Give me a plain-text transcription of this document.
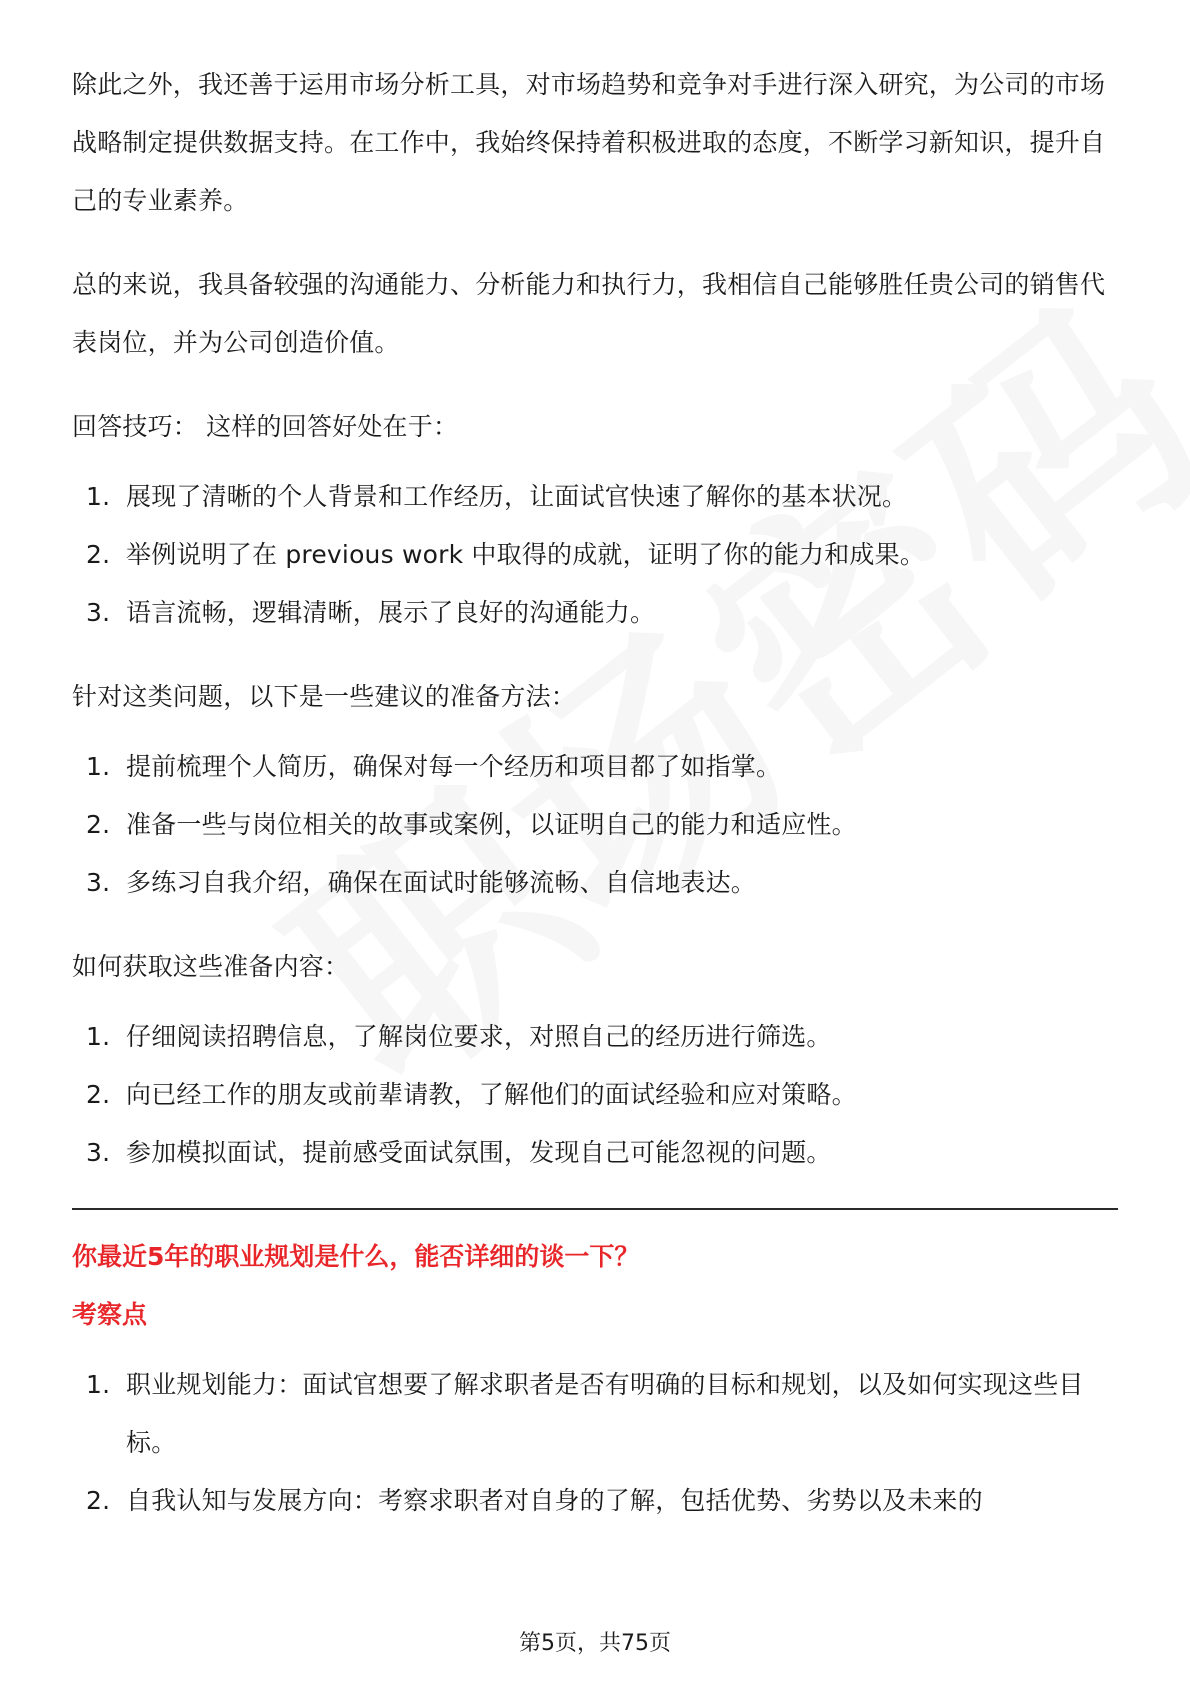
除此之外，我还善于运用市场分析工具，对市场趋势和竞争对手进行深入研究，为公司的市场战略制定提供数据支持。在工作中，我始终保持着积极进取的态度，不断学习新知识，提升自己的专业素养。

总的来说，我具备较强的沟通能力、分析能力和执行力，我相信自己能够胜任贵公司的销售代表岗位，并为公司创造价值。

回答技巧： 这样的回答好处在于：

1. 展现了清晰的个人背景和工作经历，让面试官快速了解你的基本状况。
2. 举例说明了在 previous work 中取得的成就，证明了你的能力和成果。
3. 语言流畅，逻辑清晰，展示了良好的沟通能力。

针对这类问题，以下是一些建议的准备方法：

1. 提前梳理个人简历，确保对每一个经历和项目都了如指掌。
2. 准备一些与岗位相关的故事或案例，以证明自己的能力和适应性。
3. 多练习自我介绍，确保在面试时能够流畅、自信地表达。

如何获取这些准备内容：

1. 仔细阅读招聘信息，了解岗位要求，对照自己的经历进行筛选。
2. 向已经工作的朋友或前辈请教，了解他们的面试经验和应对策略。
3. 参加模拟面试，提前感受面试氛围，发现自己可能忽视的问题。
你最近5年的职业规划是什么，能否详细的谈一下？
考察点
1. 职业规划能力：面试官想要了解求职者是否有明确的目标和规划，以及如何实现这些目标。
2. 自我认知与发展方向：考察求职者对自身的了解，包括优势、劣势以及未来的
第5页，共75页
